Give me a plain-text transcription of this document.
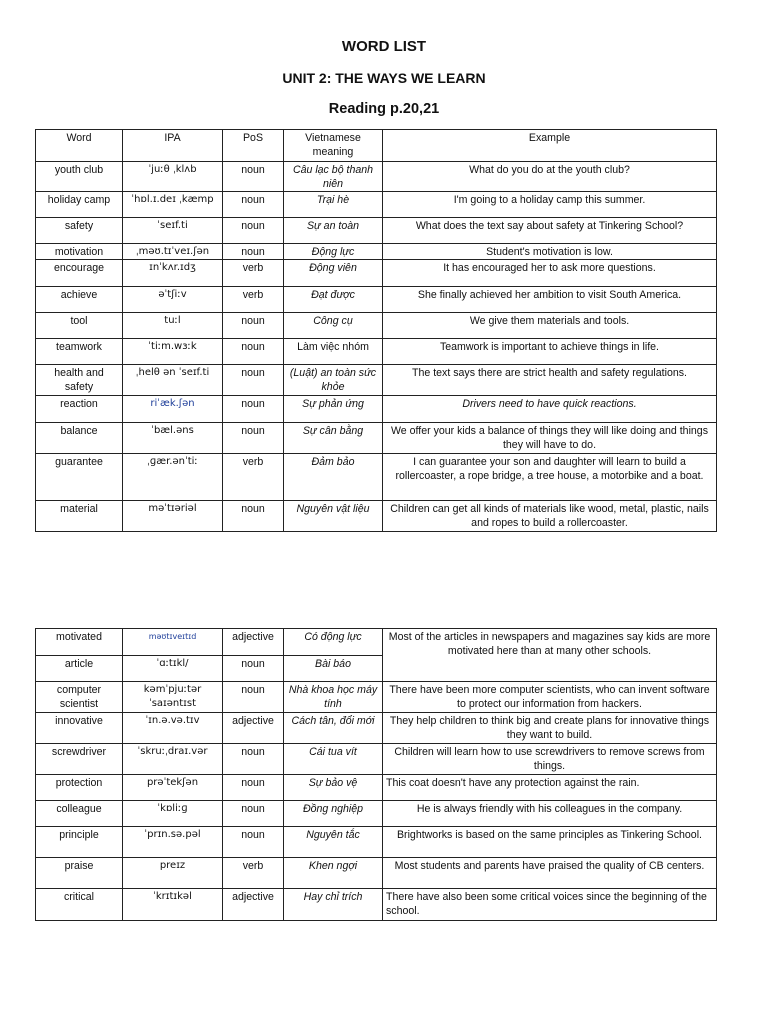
WORD LIST
UNIT 2: THE WAYS WE LEARN
Reading p.20,21
Word	IPA	PoS	Vietnamese meaning	Example
youth club	ˈjuːθ ˌklʌb	noun	Câu lạc bộ thanh niên	What do you do at the youth club?
holiday camp	ˈhɒl.ɪ.deɪ ˌkæmp	noun	Trại hè	I'm going to a holiday camp this summer.
safety	ˈseɪf.ti	noun	Sự an toàn	What does the text say about safety at Tinkering School?
motivation	ˌməʊ.tɪˈveɪ.ʃən	noun	Động lực	Student's motivation is low.
encourage	ɪnˈkʌr.ɪdʒ	verb	Động viên	It has encouraged her to ask more questions.
achieve	əˈtʃiːv	verb	Đạt được	She finally achieved her ambition to visit South America.
tool	tuːl	noun	Công cụ	We give them materials and tools.
teamwork	ˈtiːm.wɜːk	noun	Làm việc nhóm	Teamwork is important to achieve things in life.
health and safety	ˌhelθ ən ˈseɪf.ti	noun	(Luật) an toàn sức khỏe	The text says there are strict health and safety regulations.
reaction	riˈæk.ʃən	noun	Sự phản ứng	Drivers need to have quick reactions.
balance	ˈbæl.əns	noun	Sự cân bằng	We offer your kids a balance of things they will like doing and things they will have to do.
guarantee	ˌɡær.ənˈtiː	verb	Đảm bảo	I can guarantee your son and daughter will learn to build a rollercoaster, a rope bridge, a tree house, a motorbike and a boat.
material	məˈtɪəriəl	noun	Nguyên vật liệu	Children can get all kinds of materials like wood, metal, plastic, nails and ropes to build a rollercoaster.
motivated	məʊtɪveɪtɪd	adjective	Có động lực	Most of the articles in newspapers and magazines say kids are more motivated here than at many other schools.
article	ˈɑːtɪkl/	noun	Bài báo	
computer scientist	kəmˈpjuːtər ˈsaɪəntɪst	noun	Nhà khoa học máy tính	There have been more computer scientists, who can invent software to protect our information from hackers.
innovative	ˈɪn.ə.və.tɪv	adjective	Cách tân, đổi mới	They help children to think big and create plans for innovative things they want to build.
screwdriver	ˈskruːˌdraɪ.vər	noun	Cái tua vít	Children will learn how to use screwdrivers to remove screws from things.
protection	prəˈtekʃən	noun	Sự bảo vệ	This coat doesn't have any protection against the rain.
colleague	ˈkɒliːɡ	noun	Đồng nghiệp	He is always friendly with his colleagues in the company.
principle	ˈprɪn.sə.pəl	noun	Nguyên tắc	Brightworks is based on the same principles as Tinkering School.
praise	preɪz	verb	Khen ngợi	Most students and parents have praised the quality of CB centers.
critical	ˈkrɪtɪkəl	adjective	Hay chỉ trích	There have also been some critical voices since the beginning of the school.
